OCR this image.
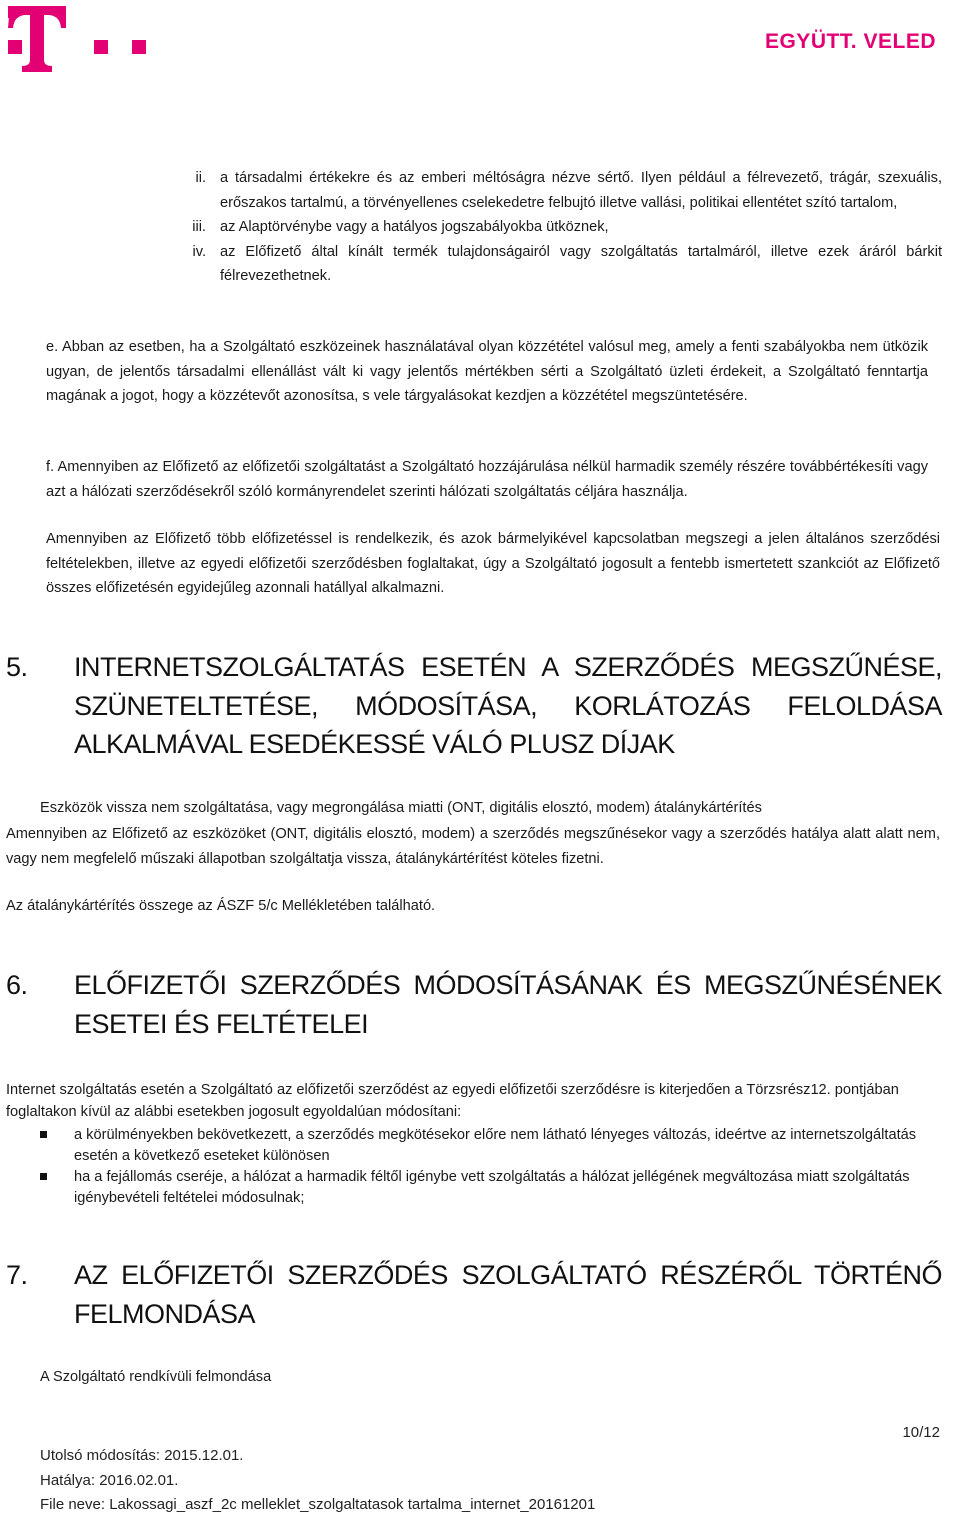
EGYÜTT. VELED
ii. a társadalmi értékekre és az emberi méltóságra nézve sértő. Ilyen például a félrevezető, trágár, szexuális, erőszakos tartalmú, a törvényellenes cselekedetre felbujtó illetve vallási, politikai ellentétet szító tartalom,
iii. az Alaptörvénybe vagy a hatályos jogszabályokba ütköznek,
iv. az Előfizető által kínált termék tulajdonságairól vagy szolgáltatás tartalmáról, illetve ezek áráról bárkit félrevezethetnek.
e. Abban az esetben, ha a Szolgáltató eszközeinek használatával olyan közzététel valósul meg, amely a fenti szabályokba nem ütközik ugyan, de jelentős társadalmi ellenállást vált ki vagy jelentős mértékben sérti a Szolgáltató üzleti érdekeit, a Szolgáltató fenntartja magának a jogot, hogy a közzétevőt azonosítsa, s vele tárgyalásokat kezdjen a közzététel megszüntetésére.
f. Amennyiben az Előfizető az előfizetői szolgáltatást a Szolgáltató hozzájárulása nélkül harmadik személy részére továbbértékesíti vagy azt a hálózati szerződésekről szóló kormányrendelet szerinti hálózati szolgáltatás céljára használja.
Amennyiben az Előfizető több előfizetéssel is rendelkezik, és azok bármelyikével kapcsolatban megszegi a jelen általános szerződési feltételekben, illetve az egyedi előfizetői szerződésben foglaltakat, úgy a Szolgáltató jogosult a fentebb ismertetett szankciót az Előfizető összes előfizetésén egyidejűleg azonnali hatállyal alkalmazni.
5.	INTERNETSZOLGÁLTATÁS ESETÉN A SZERZŐDÉS MEGSZŰNÉSE, SZÜNETELTETÉSE, MÓDOSÍTÁSA, KORLÁTOZÁS FELOLDÁSA ALKALMÁVAL ESEDÉKESSÉ VÁLÓ PLUSZ DÍJAK
Eszközök vissza nem szolgáltatása, vagy megrongálása miatti (ONT, digitális elosztó, modem) átalánykártérítés
Amennyiben az Előfizető az eszközöket (ONT, digitális elosztó, modem) a szerződés megszűnésekor vagy a szerződés hatálya alatt alatt nem, vagy nem megfelelő műszaki állapotban szolgáltatja vissza, átalánykártérítést köteles fizetni.
Az átalánykártérítés összege az ÁSZF 5/c Mellékletében található.
6.	ELŐFIZETŐI SZERZŐDÉS MÓDOSÍTÁSÁNAK ÉS MEGSZŰNÉSÉNEK ESETEI ÉS FELTÉTELEI
Internet szolgáltatás esetén a Szolgáltató az előfizetői szerződést az egyedi előfizetői szerződésre is kiterjedően a Törzsrész12. pontjában foglaltakon kívül az alábbi esetekben jogosult egyoldalúan módosítani:
a körülményekben bekövetkezett, a szerződés megkötésekor előre nem látható lényeges változás, ideértve az internetszolgáltatás esetén a következő eseteket különösen
ha a fejállomás cseréje, a hálózat a harmadik féltől igénybe vett szolgáltatás a hálózat jellégének megváltozása miatt szolgáltatás igénybevételi feltételei módosulnak;
7.	AZ ELŐFIZETŐI SZERZŐDÉS SZOLGÁLTATÓ RÉSZÉRŐL TÖRTÉNŐ FELMONDÁSA
A Szolgáltató rendkívüli felmondása
10/12
Utolsó módosítás: 2015.12.01.
Hatálya: 2016.02.01.
File neve: Lakossagi_aszf_2c melleklet_szolgaltatasok tartalma_internet_20161201
